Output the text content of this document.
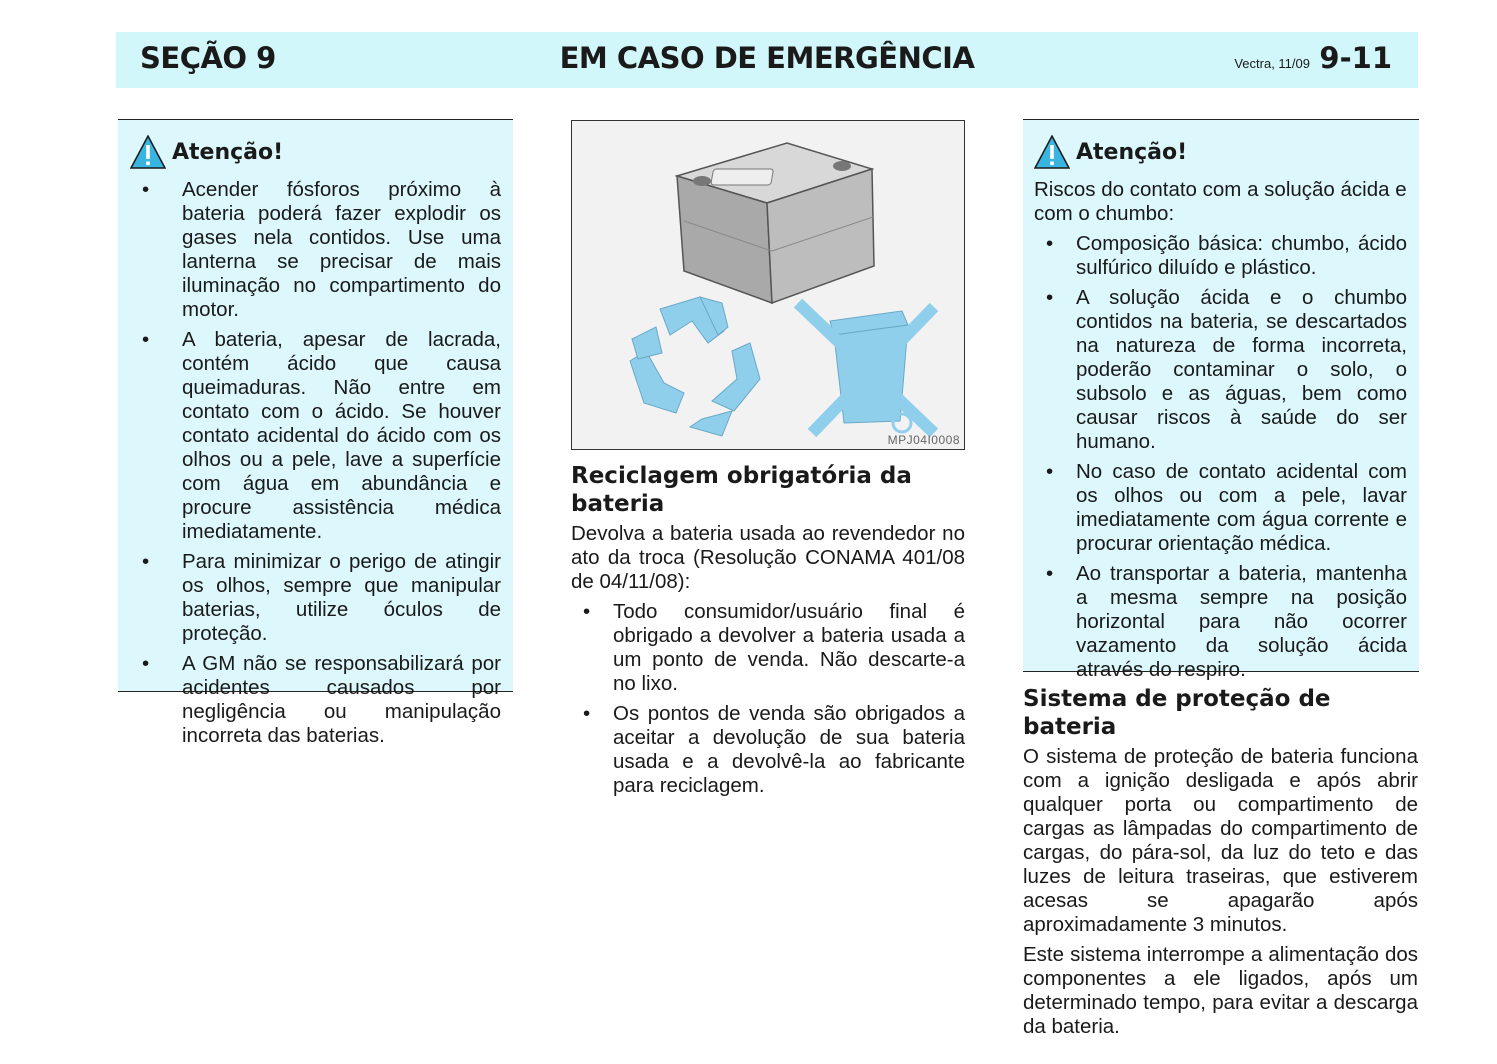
SEÇÃO 9	EM CASO DE EMERGÊNCIA	Vectra, 11/09 9-11
Atenção!
• Acender fósforos próximo à bateria poderá fazer explodir os gases nela contidos. Use uma lanterna se precisar de mais iluminação no compartimento do motor.
• A bateria, apesar de lacrada, contém ácido que causa queimaduras. Não entre em contato com o ácido. Se houver contato acidental do ácido com os olhos ou a pele, lave a superfície com água em abundância e procure assistência médica imediatamente.
• Para minimizar o perigo de atingir os olhos, sempre que manipular baterias, utilize óculos de proteção.
• A GM não se responsabilizará por acidentes causados por negligência ou manipulação incorreta das baterias.
MPJ04I0008
Reciclagem obrigatória da bateria

Devolva a bateria usada ao revendedor no ato da troca (Resolução CONAMA 401/08 de 04/11/08):

• Todo consumidor/usuário final é obrigado a devolver a bateria usada a um ponto de venda. Não descarte-a no lixo.
• Os pontos de venda são obrigados a aceitar a devolução de sua bateria usada e a devolvê-la ao fabricante para reciclagem.
Atenção!

Riscos do contato com a solução ácida e com o chumbo:

• Composição básica: chumbo, ácido sulfúrico diluído e plástico.
• A solução ácida e o chumbo contidos na bateria, se descartados na natureza de forma incorreta, poderão contaminar o solo, o subsolo e as águas, bem como causar riscos à saúde do ser humano.
• No caso de contato acidental com os olhos ou com a pele, lavar imediatamente com água corrente e procurar orientação médica.
• Ao transportar a bateria, mantenha a mesma sempre na posição horizontal para não ocorrer vazamento da solução ácida através do respiro.
Sistema de proteção de bateria

O sistema de proteção de bateria funciona com a ignição desligada e após abrir qualquer porta ou compartimento de cargas as lâmpadas do compartimento de cargas, do pára-sol, da luz do teto e das luzes de leitura traseiras, que estiverem acesas se apagarão após aproximadamente 3 minutos.

Este sistema interrompe a alimentação dos componentes a ele ligados, após um determinado tempo, para evitar a descarga da bateria.
